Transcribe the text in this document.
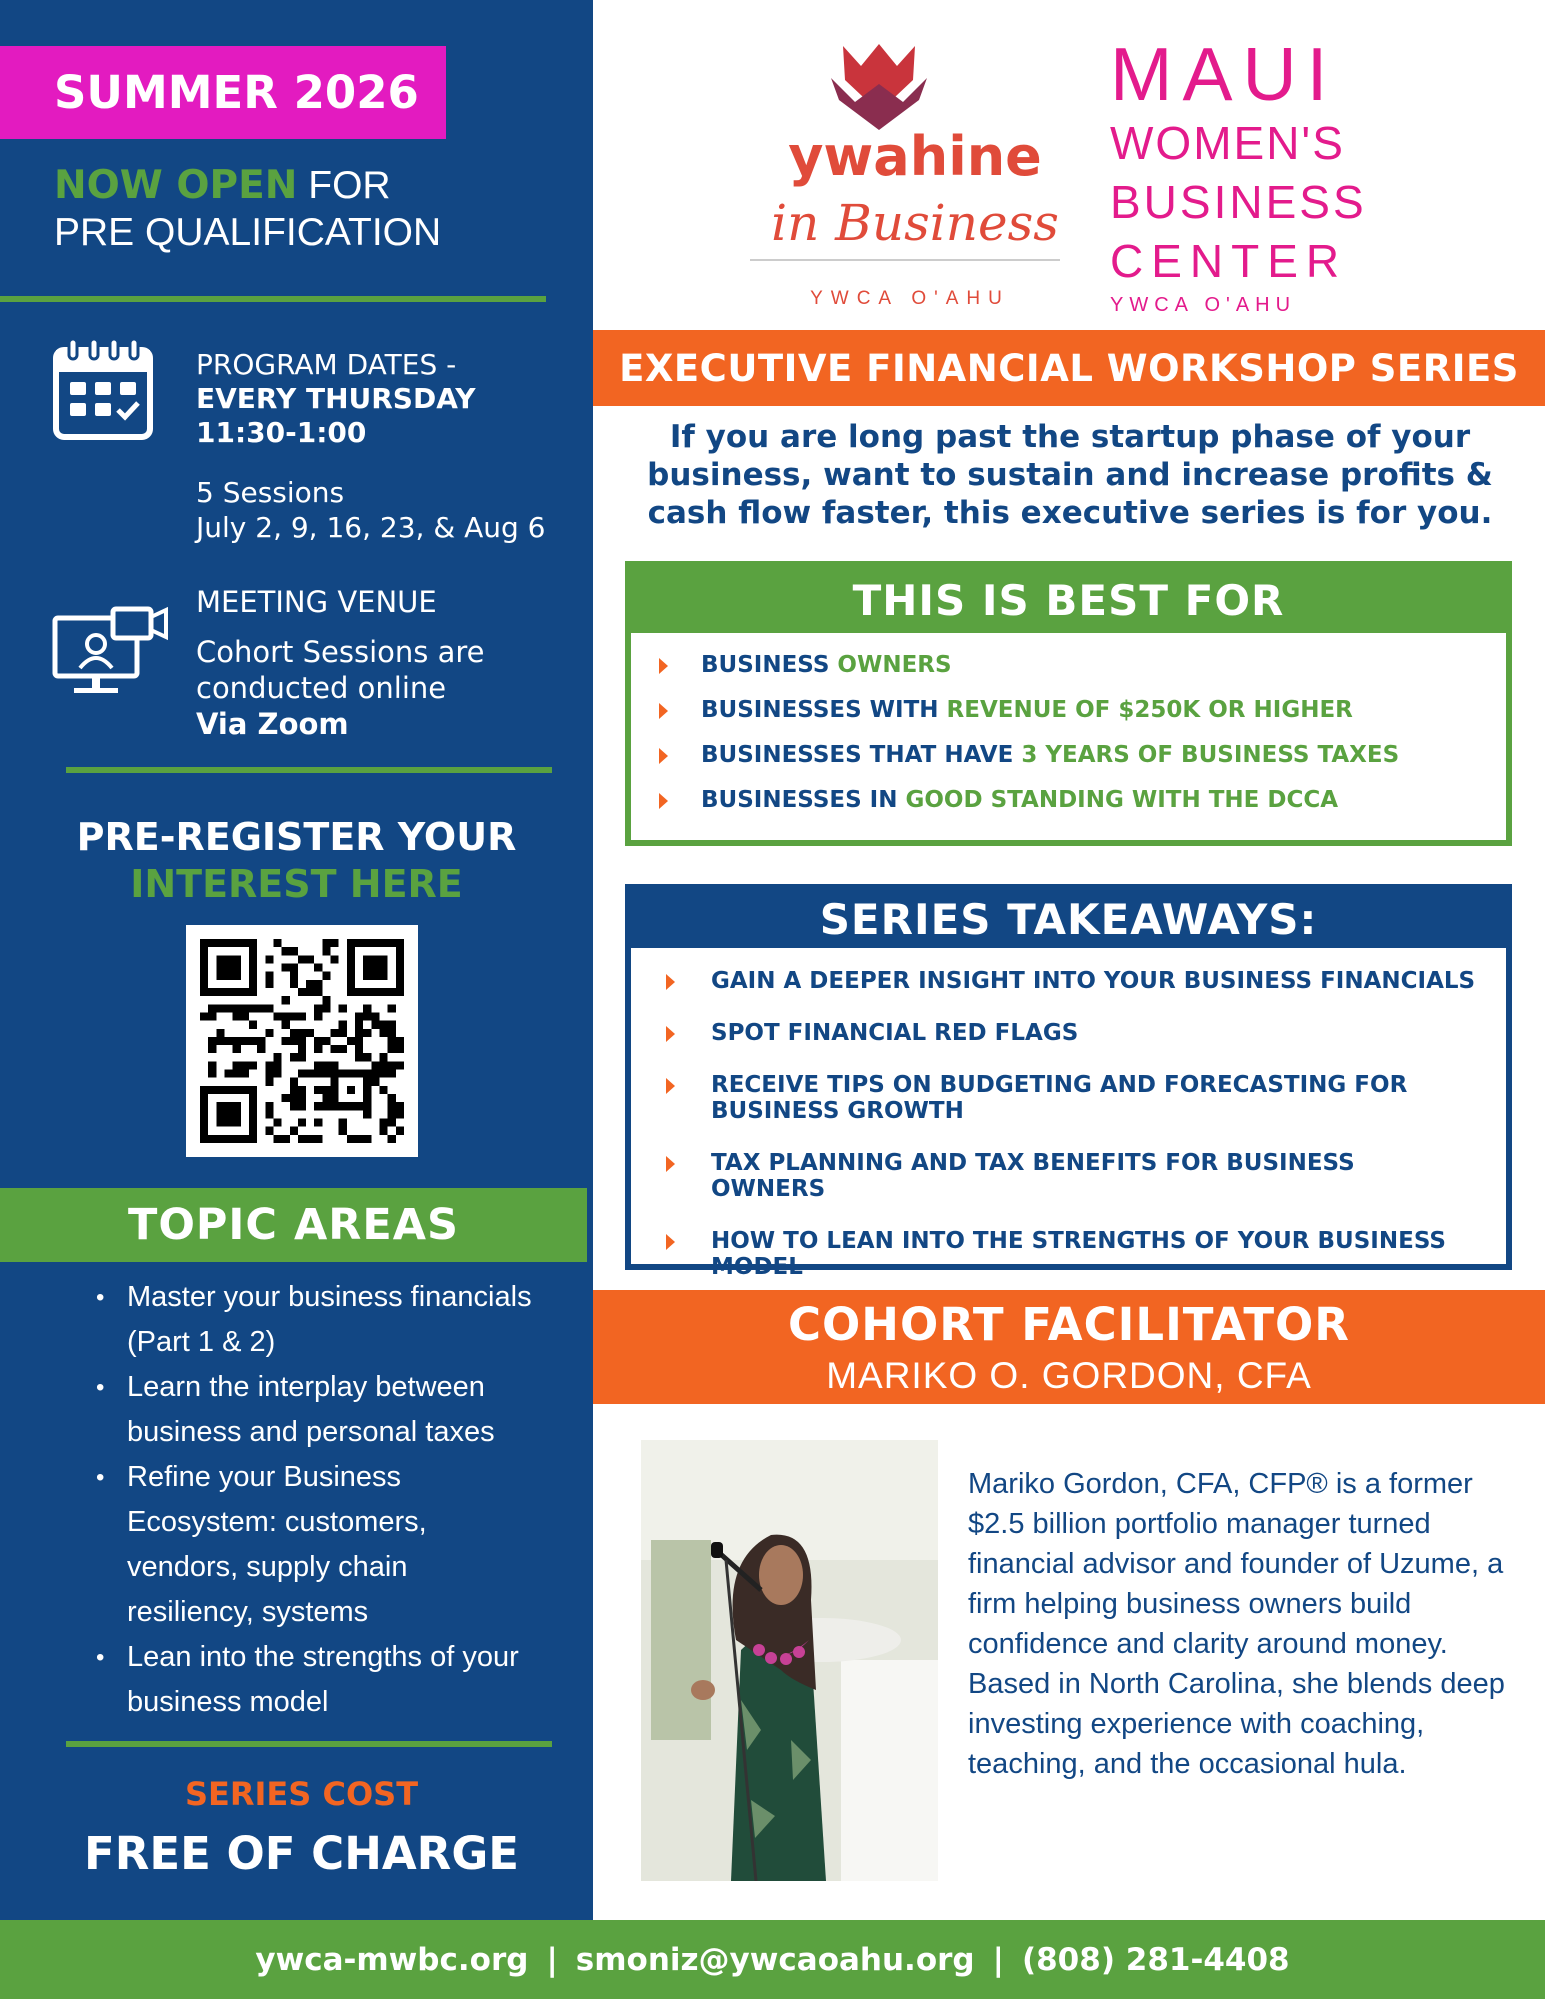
SUMMER 2026
NOW OPEN FOR
PRE QUALIFICATION
PROGRAM DATES -
EVERY THURSDAY
11:30-1:00
5 Sessions
July 2, 9, 16, 23, & Aug 6
MEETING VENUE
Cohort Sessions are
conducted online
Via Zoom
PRE-REGISTER YOUR
INTEREST HERE
TOPIC AREAS
• Master your business financials (Part 1 & 2)
• Learn the interplay between business and personal taxes
• Refine your Business Ecosystem: customers, vendors, supply chain resiliency, systems
• Lean into the strengths of your business model
SERIES COST
FREE OF CHARGE
ywahine
in Business
YWCA O'AHU
MAUI
WOMEN'S
BUSINESS
CENTER
YWCA O'AHU
EXECUTIVE FINANCIAL WORKSHOP SERIES
If you are long past the startup phase of your business, want to sustain and increase profits & cash flow faster, this executive series is for you.
THIS IS BEST FOR
BUSINESS OWNERS
BUSINESSES WITH REVENUE OF $250K OR HIGHER
BUSINESSES THAT HAVE 3 YEARS OF BUSINESS TAXES
BUSINESSES IN GOOD STANDING WITH THE DCCA
SERIES TAKEAWAYS:
GAIN A DEEPER INSIGHT INTO YOUR BUSINESS FINANCIALS
SPOT FINANCIAL RED FLAGS
RECEIVE TIPS ON BUDGETING AND FORECASTING FOR BUSINESS GROWTH
TAX PLANNING AND TAX BENEFITS FOR BUSINESS OWNERS
HOW TO LEAN INTO THE STRENGTHS OF YOUR BUSINESS MODEL
COHORT FACILITATOR
MARIKO O. GORDON, CFA

Mariko Gordon, CFA, CFP® is a former $2.5 billion portfolio manager turned financial advisor and founder of Uzume, a firm helping business owners build confidence and clarity around money.

Based in North Carolina, she blends deep investing experience with coaching, teaching, and the occasional hula.

ywca-mwbc.org | smoniz@ywcaoahu.org | (808) 281-4408
